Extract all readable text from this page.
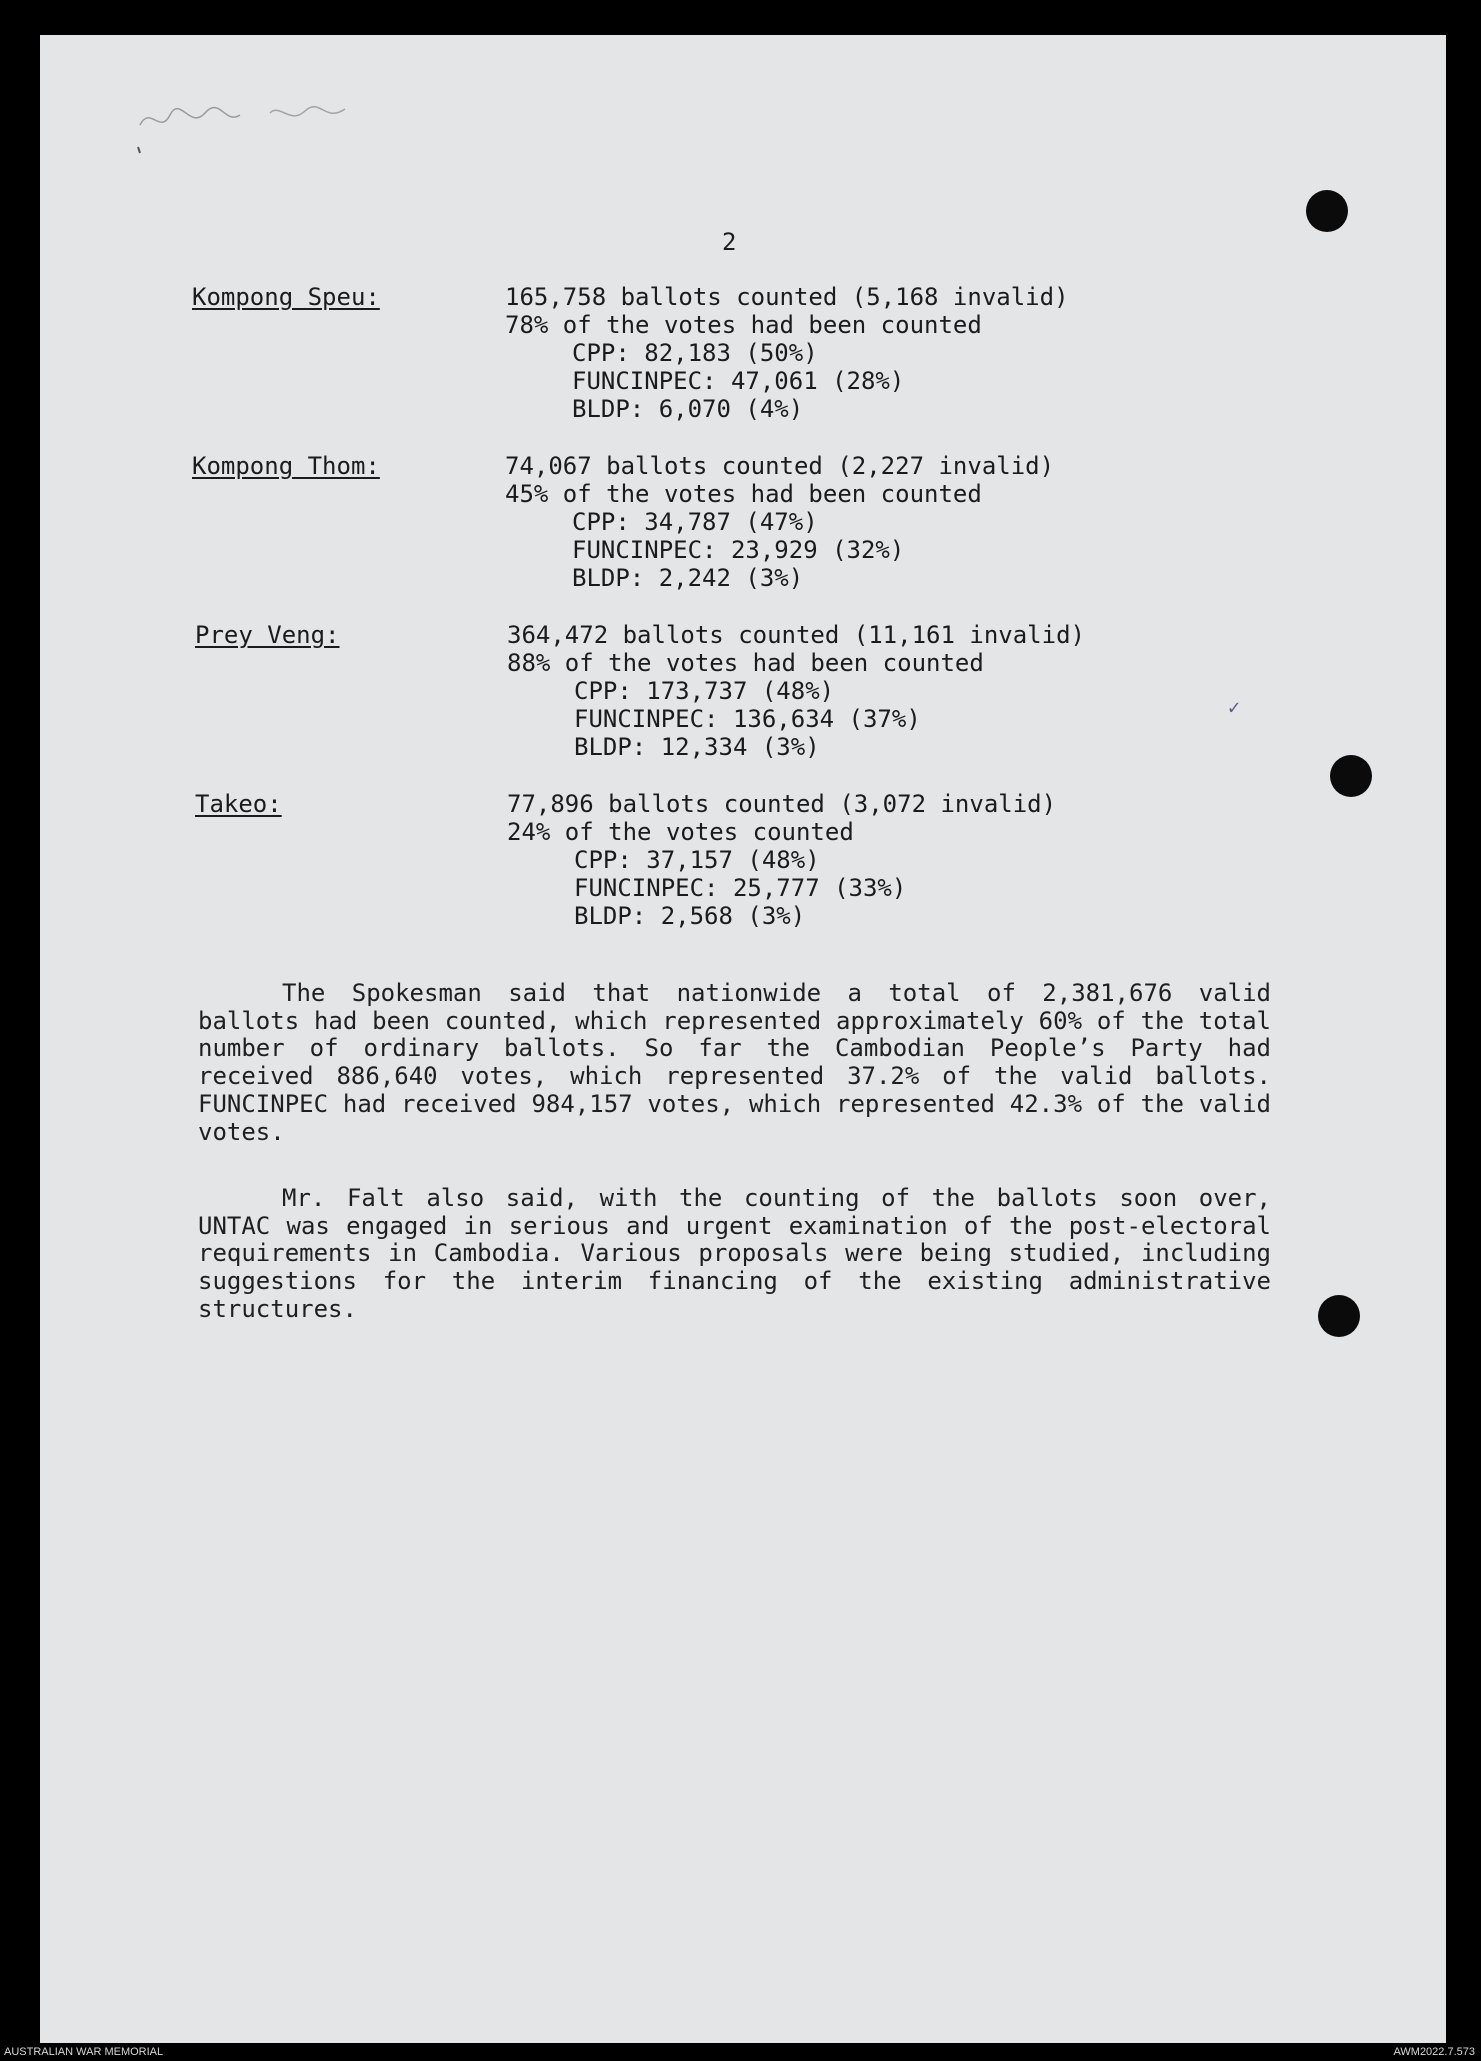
2
Kompong Speu:	165,758 ballots counted (5,168 invalid)
78% of the votes had been counted
CPP: 82,183 (50%)
FUNCINPEC: 47,061 (28%)
BLDP: 6,070 (4%)
Kompong Thom:	74,067 ballots counted (2,227 invalid)
45% of the votes had been counted
CPP: 34,787 (47%)
FUNCINPEC: 23,929 (32%)
BLDP: 2,242 (3%)
Prey Veng:	364,472 ballots counted (11,161 invalid)
88% of the votes had been counted
CPP: 173,737 (48%)
FUNCINPEC: 136,634 (37%)
BLDP: 12,334 (3%)
Takeo:	77,896 ballots counted (3,072 invalid)
24% of the votes counted
CPP: 37,157 (48%)
FUNCINPEC: 25,777 (33%)
BLDP: 2,568 (3%)
✓

The Spokesman said that nationwide a total of 2,381,676 valid ballots had been counted, which represented approximately 60% of the total number of ordinary ballots. So far the Cambodian People’s Party had received 886,640 votes, which represented 37.2% of the valid ballots. FUNCINPEC had received 984,157 votes, which represented 42.3% of the valid votes.

Mr. Falt also said, with the counting of the ballots soon over, UNTAC was engaged in serious and urgent examination of the post-electoral requirements in Cambodia. Various proposals were being studied, including suggestions for the interim financing of the existing administrative structures.

AUSTRALIAN WAR MEMORIAL	AWM2022.7.573
